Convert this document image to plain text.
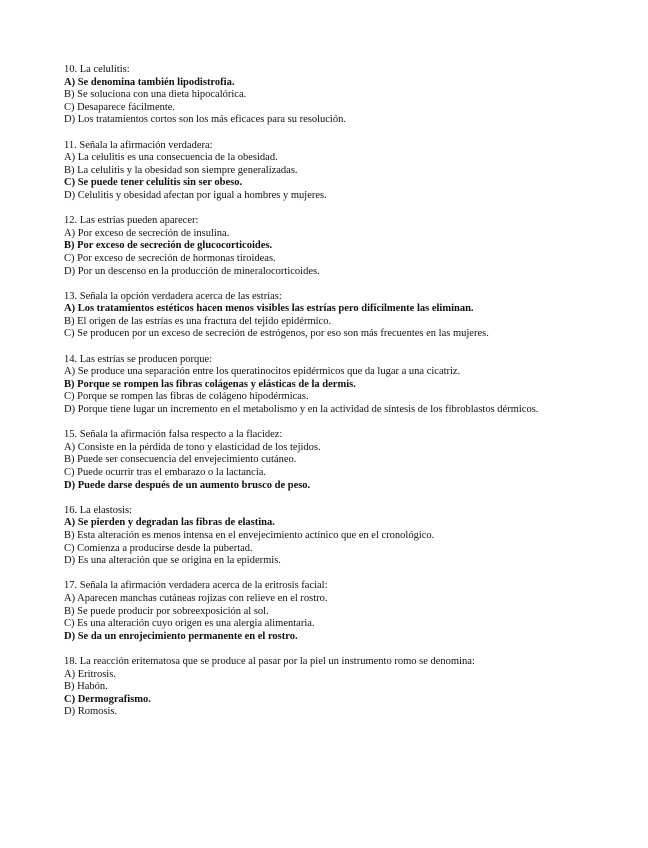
10. La celulitis:
A) Se denomina también lipodistrofia.
B) Se soluciona con una dieta hipocalórica.
C) Desaparece fácilmente.
D) Los tratamientos cortos son los más eficaces para su resolución.
11. Señala la afirmación verdadera:
A) La celulitis es una consecuencia de la obesidad.
B) La celulitis y la obesidad son siempre generalizadas.
C) Se puede tener celulitis sin ser obeso.
D) Celulitis y obesidad afectan por igual a hombres y mujeres.
12. Las estrías pueden aparecer:
A) Por exceso de secreción de insulina.
B) Por exceso de secreción de glucocorticoides.
C) Por exceso de secreción de hormonas tiroideas.
D) Por un descenso en la producción de mineralocorticoides.
13. Señala la opción verdadera acerca de las estrías:
A) Los tratamientos estéticos hacen menos visibles las estrías pero difícilmente las eliminan.
B) El origen de las estrías es una fractura del tejido epidérmico.
C) Se producen por un exceso de secreción de estrógenos, por eso son más frecuentes en las mujeres.
14. Las estrías se producen porque:
A) Se produce una separación entre los queratinocitos epidérmicos que da lugar a una cicatriz.
B) Porque se rompen las fibras colágenas y elásticas de la dermis.
C) Porque se rompen las fibras de colágeno hipodérmicas.
D) Porque tiene lugar un incremento en el metabolismo y en la actividad de síntesis de los fibroblastos dérmicos.
15. Señala la afirmación falsa respecto a la flacidez:
A) Consiste en la pérdida de tono y elasticidad de los tejidos.
B) Puede ser consecuencia del envejecimiento cutáneo.
C) Puede ocurrir tras el embarazo o la lactancia.
D) Puede darse después de un aumento brusco de peso.
16. La elastosis:
A) Se pierden y degradan las fibras de elastina.
B) Esta alteración es menos intensa en el envejecimiento actínico que en el cronológico.
C) Comienza a producirse desde la pubertad.
D) Es una alteración que se origina en la epidermis.
17. Señala la afirmación verdadera acerca de la eritrosis facial:
A) Aparecen manchas cutáneas rojizas con relieve en el rostro.
B) Se puede producir por sobreexposición al sol.
C) Es una alteración cuyo origen es una alergia alimentaria.
D) Se da un enrojecimiento permanente en el rostro.
18. La reacción eritematosa que se produce al pasar por la piel un instrumento romo se denomina:
A) Eritrosis.
B) Habón.
C) Dermografismo.
D) Romosis.
